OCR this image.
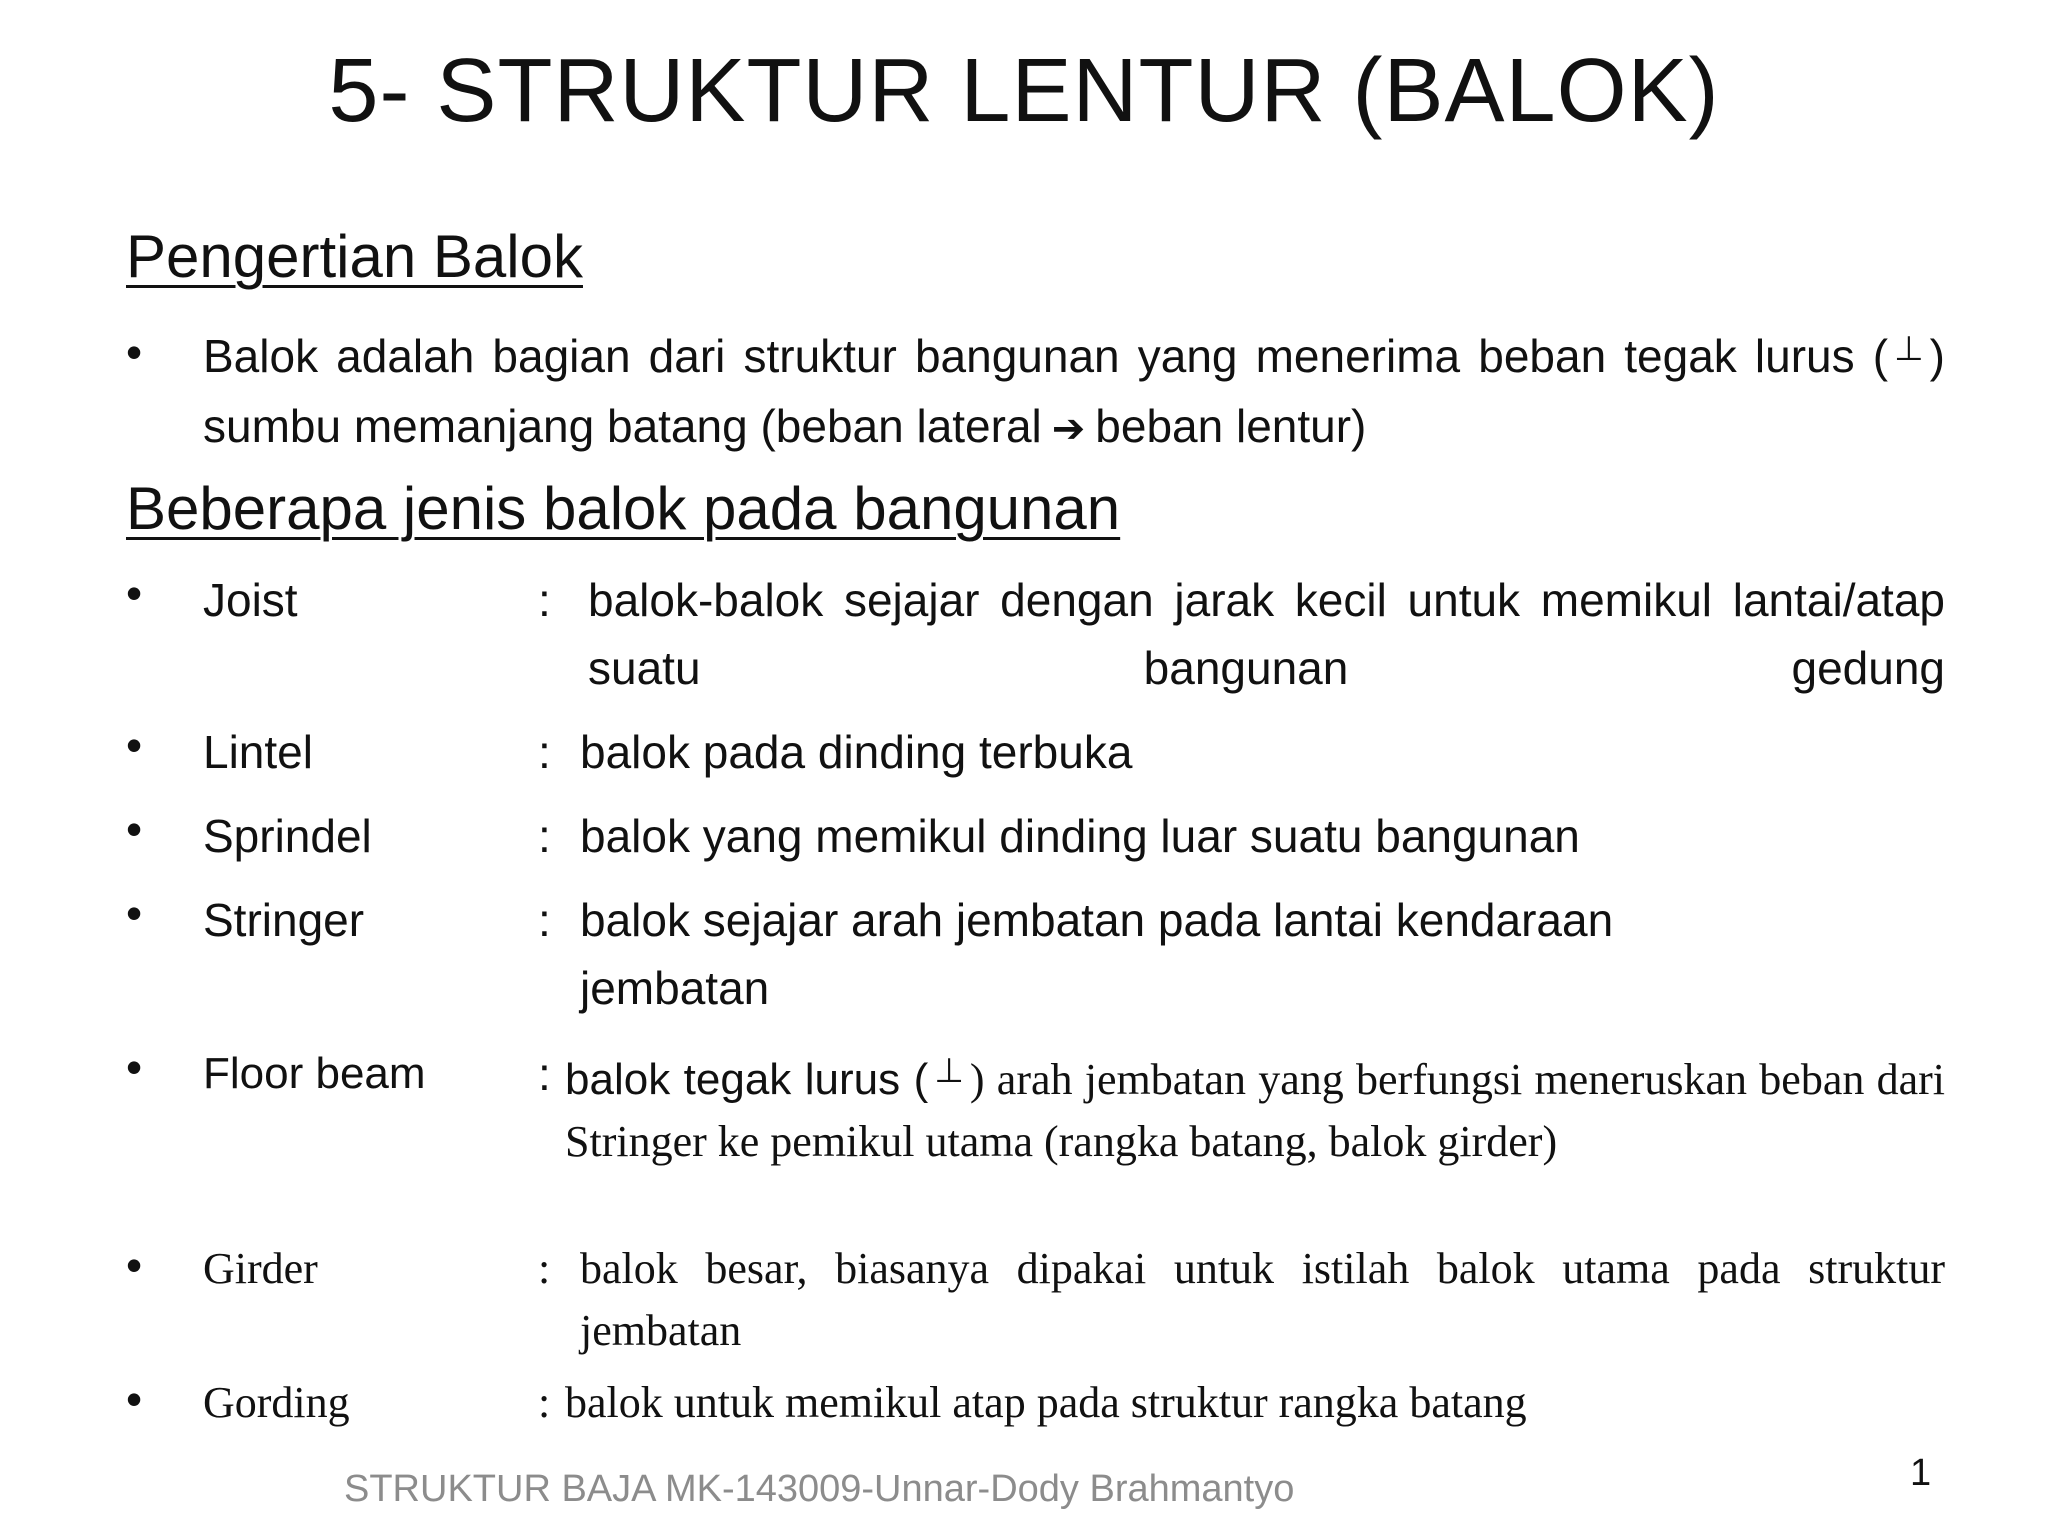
5- STRUKTUR LENTUR (BALOK)
Pengertian Balok
• Balok adalah bagian dari struktur bangunan yang menerima beban tegak lurus ( ⊥ ) sumbu memanjang batang (beban lateral ➔ beban lentur)
Beberapa jenis balok pada bangunan
• Joist	: balok-balok sejajar dengan jarak kecil untuk memikul lantai/atap suatu bangunan gedung
• Lintel	: balok pada dinding terbuka
• Sprindel	: balok yang memikul dinding luar suatu bangunan
• Stringer	: balok sejajar arah jembatan pada lantai kendaraan jembatan
• Floor beam : balok tegak lurus ( ⊥ ) arah jembatan yang berfungsi meneruskan beban dari Stringer ke pemikul utama (rangka batang, balok girder)
• Girder	: balok besar, biasanya dipakai untuk istilah balok utama pada struktur jembatan
• Gording	: balok untuk memikul atap pada struktur rangka batang
STRUKTUR BAJA MK-143009-Unnar-Dody Brahmantyo	1
